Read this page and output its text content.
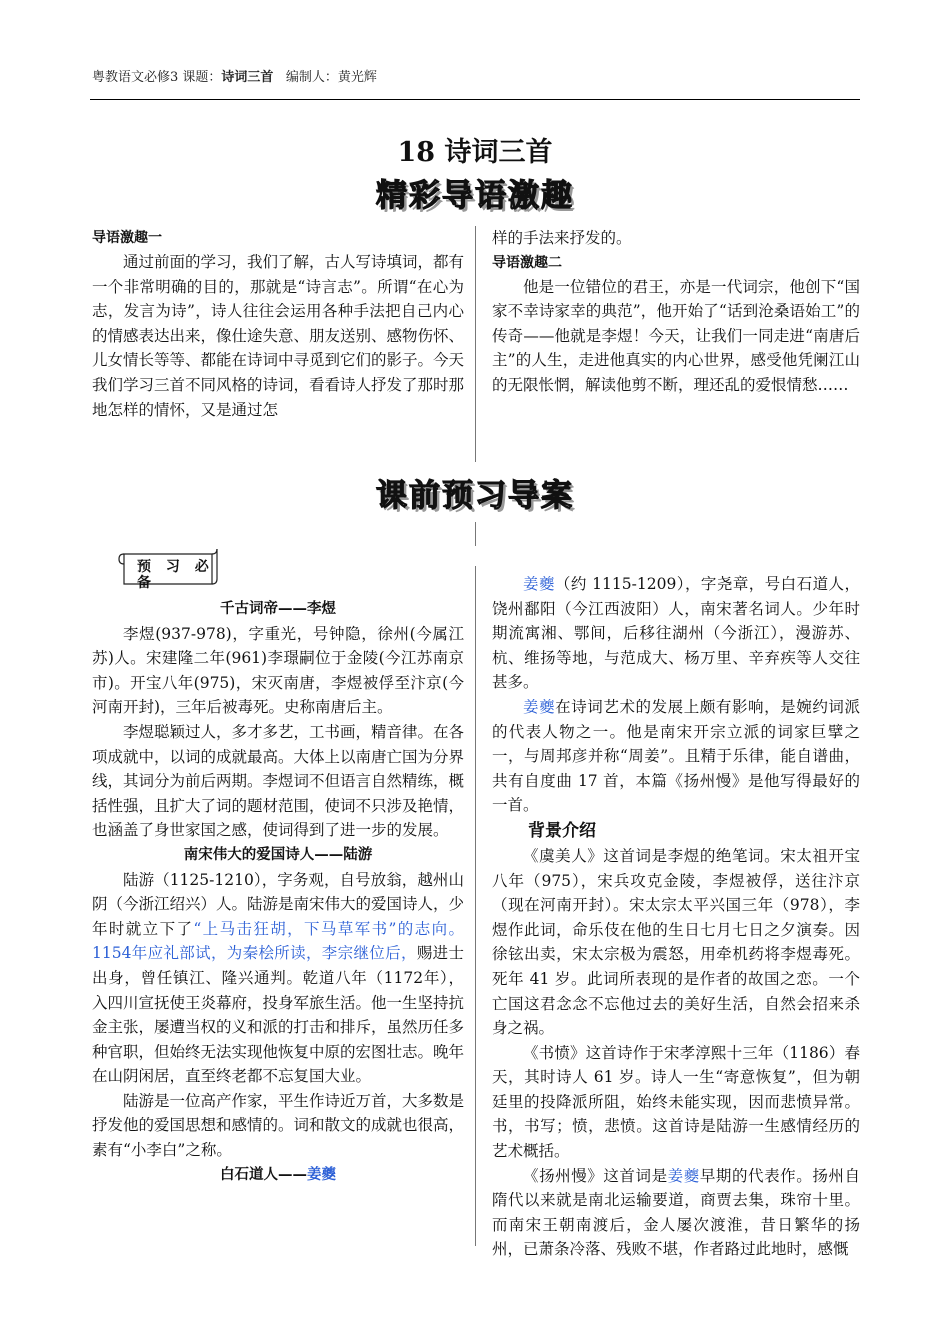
粤教语文必修3 课题：诗词三首   编制人：黄光辉
18 诗词三首
精彩导语激趣
导语激趣一

通过前面的学习，我们了解，古人写诗填词，都有一个非常明确的目的，那就是“诗言志”。所谓“在心为志，发言为诗”，诗人往往会运用各种手法把自己内心的情感表达出来，像仕途失意、朋友送别、感物伤怀、儿女情长等等、都能在诗词中寻觅到它们的影子。今天我们学习三首不同风格的诗词，看看诗人抒发了那时那地怎样的情怀，又是通过怎

样的手法来抒发的。

导语激趣二

他是一位错位的君王，亦是一代词宗，他创下“国家不幸诗家幸的典范”，他开始了“话到沧桑语始工”的传奇——他就是李煜！今天，让我们一同走进“南唐后主”的人生，走进他真实的内心世界，感受他凭阑江山的无限怅惘，解读他剪不断，理还乱的爱恨情愁……

课前预习导案
预 习 必备
千古词帝——李煜

李煜(937-978)，字重光，号钟隐，徐州(今属江苏)人。宋建隆二年(961)李璟嗣位于金陵(今江苏南京市)。开宝八年(975)，宋灭南唐，李煜被俘至汴京(今河南开封)，三年后被毒死。史称南唐后主。

李煜聪颖过人，多才多艺，工书画，精音律。在各项成就中，以词的成就最高。大体上以南唐亡国为分界线，其词分为前后两期。李煜词不但语言自然精练，概括性强，且扩大了词的题材范围，使词不只涉及艳情，也涵盖了身世家国之感，使词得到了进一步的发展。

南宋伟大的爱国诗人——陆游

陆游（1125-1210），字务观，自号放翁，越州山阴（今浙江绍兴）人。陆游是南宋伟大的爱国诗人，少年时就立下了“上马击狂胡，下马草军书”的志向。1154年应礼部试，为秦桧所读，李宗继位后，赐进士出身，曾任镇江、隆兴通判。乾道八年（1172年），入四川宣抚使王炎幕府，投身军旅生活。他一生坚持抗金主张，屡遭当权的义和派的打击和排斥，虽然历任多种官职，但始终无法实现他恢复中原的宏图壮志。晚年在山阴闲居，直至终老都不忘复国大业。

陆游是一位高产作家，平生作诗近万首，大多数是抒发他的爱国思想和感情的。词和散文的成就也很高，素有“小李白”之称。

白石道人——姜夔

姜夔（约 1115-1209），字尧章，号白石道人，饶州鄱阳（今江西波阳）人，南宋著名词人。少年时期流寓湘、鄂间，后移往湖州（今浙江），漫游苏、杭、维扬等地，与范成大、杨万里、辛弃疾等人交往甚多。

姜夔在诗词艺术的发展上颇有影响，是婉约词派的代表人物之一。他是南宋开宗立派的词家巨擘之一，与周邦彦并称“周姜”。且精于乐律，能自谱曲，共有自度曲 17 首，本篇《扬州慢》是他写得最好的一首。

背景介绍

《虞美人》这首词是李煜的绝笔词。宋太祖开宝八年（975），宋兵攻克金陵，李煜被俘，送往汴京（现在河南开封）。宋太宗太平兴国三年（978），李煜作此词，命乐伎在他的生日七月七日之夕演奏。因徐铉出卖，宋太宗极为震怒，用牵机药将李煜毒死。死年 41 岁。此词所表现的是作者的故国之恋。一个亡国这君念念不忘他过去的美好生活，自然会招来杀身之祸。

《书愤》这首诗作于宋孝淳熙十三年（1186）春天，其时诗人 61 岁。诗人一生“寄意恢复”，但为朝廷里的投降派所阻，始终未能实现，因而悲愤异常。书，书写；愤，悲愤。这首诗是陆游一生感情经历的艺术概括。

《扬州慢》这首词是姜夔早期的代表作。扬州自隋代以来就是南北运输要道，商贾去集，珠帘十里。而南宋王朝南渡后，金人屡次渡淮，昔日繁华的扬州，已萧条冷落、残败不堪，作者路过此地时，感慨
